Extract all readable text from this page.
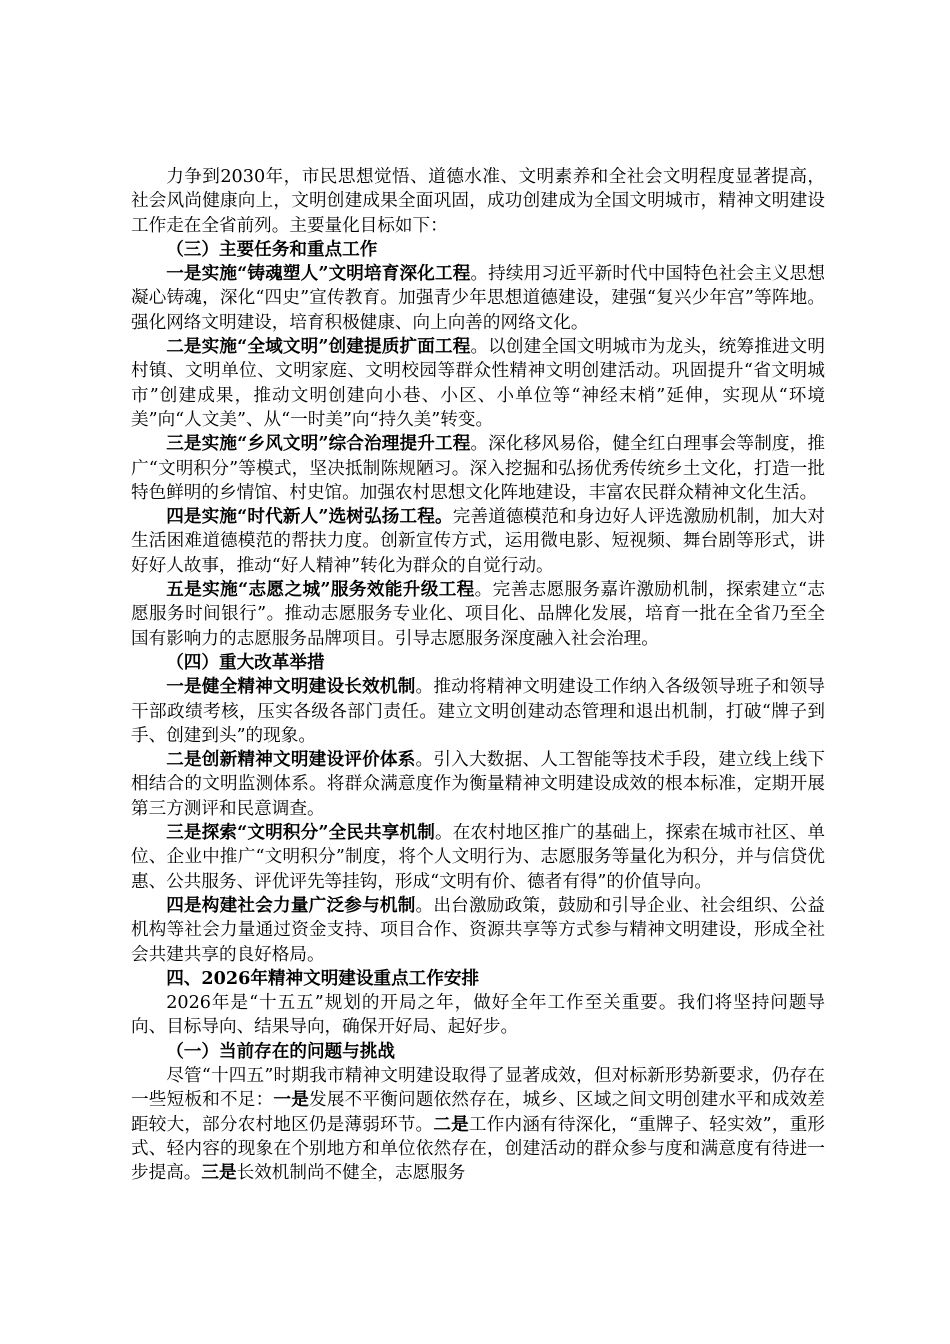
力争到2030年，市民思想觉悟、道德水准、文明素养和全社会文明程度显著提高，社会风尚健康向上，文明创建成果全面巩固，成功创建成为全国文明城市，精神文明建设工作走在全省前列。主要量化目标如下：

（三）主要任务和重点工作

一是实施“铸魂塑人”文明培育深化工程。持续用习近平新时代中国特色社会主义思想凝心铸魂，深化“四史”宣传教育。加强青少年思想道德建设，建强“复兴少年宫”等阵地。强化网络文明建设，培育积极健康、向上向善的网络文化。

二是实施“全域文明”创建提质扩面工程。以创建全国文明城市为龙头，统筹推进文明村镇、文明单位、文明家庭、文明校园等群众性精神文明创建活动。巩固提升“省文明城市”创建成果，推动文明创建向小巷、小区、小单位等“神经末梢”延伸，实现从“环境美”向“人文美”、从“一时美”向“持久美”转变。

三是实施“乡风文明”综合治理提升工程。深化移风易俗，健全红白理事会等制度，推广“文明积分”等模式，坚决抵制陈规陋习。深入挖掘和弘扬优秀传统乡土文化，打造一批特色鲜明的乡情馆、村史馆。加强农村思想文化阵地建设，丰富农民群众精神文化生活。

四是实施“时代新人”选树弘扬工程。完善道德模范和身边好人评选激励机制，加大对生活困难道德模范的帮扶力度。创新宣传方式，运用微电影、短视频、舞台剧等形式，讲好好人故事，推动“好人精神”转化为群众的自觉行动。

五是实施“志愿之城”服务效能升级工程。完善志愿服务嘉许激励机制，探索建立“志愿服务时间银行”。推动志愿服务专业化、项目化、品牌化发展，培育一批在全省乃至全国有影响力的志愿服务品牌项目。引导志愿服务深度融入社会治理。

（四）重大改革举措

一是健全精神文明建设长效机制。推动将精神文明建设工作纳入各级领导班子和领导干部政绩考核，压实各级各部门责任。建立文明创建动态管理和退出机制，打破“牌子到手、创建到头”的现象。

二是创新精神文明建设评价体系。引入大数据、人工智能等技术手段，建立线上线下相结合的文明监测体系。将群众满意度作为衡量精神文明建设成效的根本标准，定期开展第三方测评和民意调查。

三是探索“文明积分”全民共享机制。在农村地区推广的基础上，探索在城市社区、单位、企业中推广“文明积分”制度，将个人文明行为、志愿服务等量化为积分，并与信贷优惠、公共服务、评优评先等挂钩，形成“文明有价、德者有得”的价值导向。

四是构建社会力量广泛参与机制。出台激励政策，鼓励和引导企业、社会组织、公益机构等社会力量通过资金支持、项目合作、资源共享等方式参与精神文明建设，形成全社会共建共享的良好格局。

四、2026年精神文明建设重点工作安排

2026年是“十五五”规划的开局之年，做好全年工作至关重要。我们将坚持问题导向、目标导向、结果导向，确保开好局、起好步。

（一）当前存在的问题与挑战

尽管“十四五”时期我市精神文明建设取得了显著成效，但对标新形势新要求，仍存在一些短板和不足：一是发展不平衡问题依然存在，城乡、区域之间文明创建水平和成效差距较大，部分农村地区仍是薄弱环节。二是工作内涵有待深化，“重牌子、轻实效”，重形式、轻内容的现象在个别地方和单位依然存在，创建活动的群众参与度和满意度有待进一步提高。三是长效机制尚不健全，志愿服务
